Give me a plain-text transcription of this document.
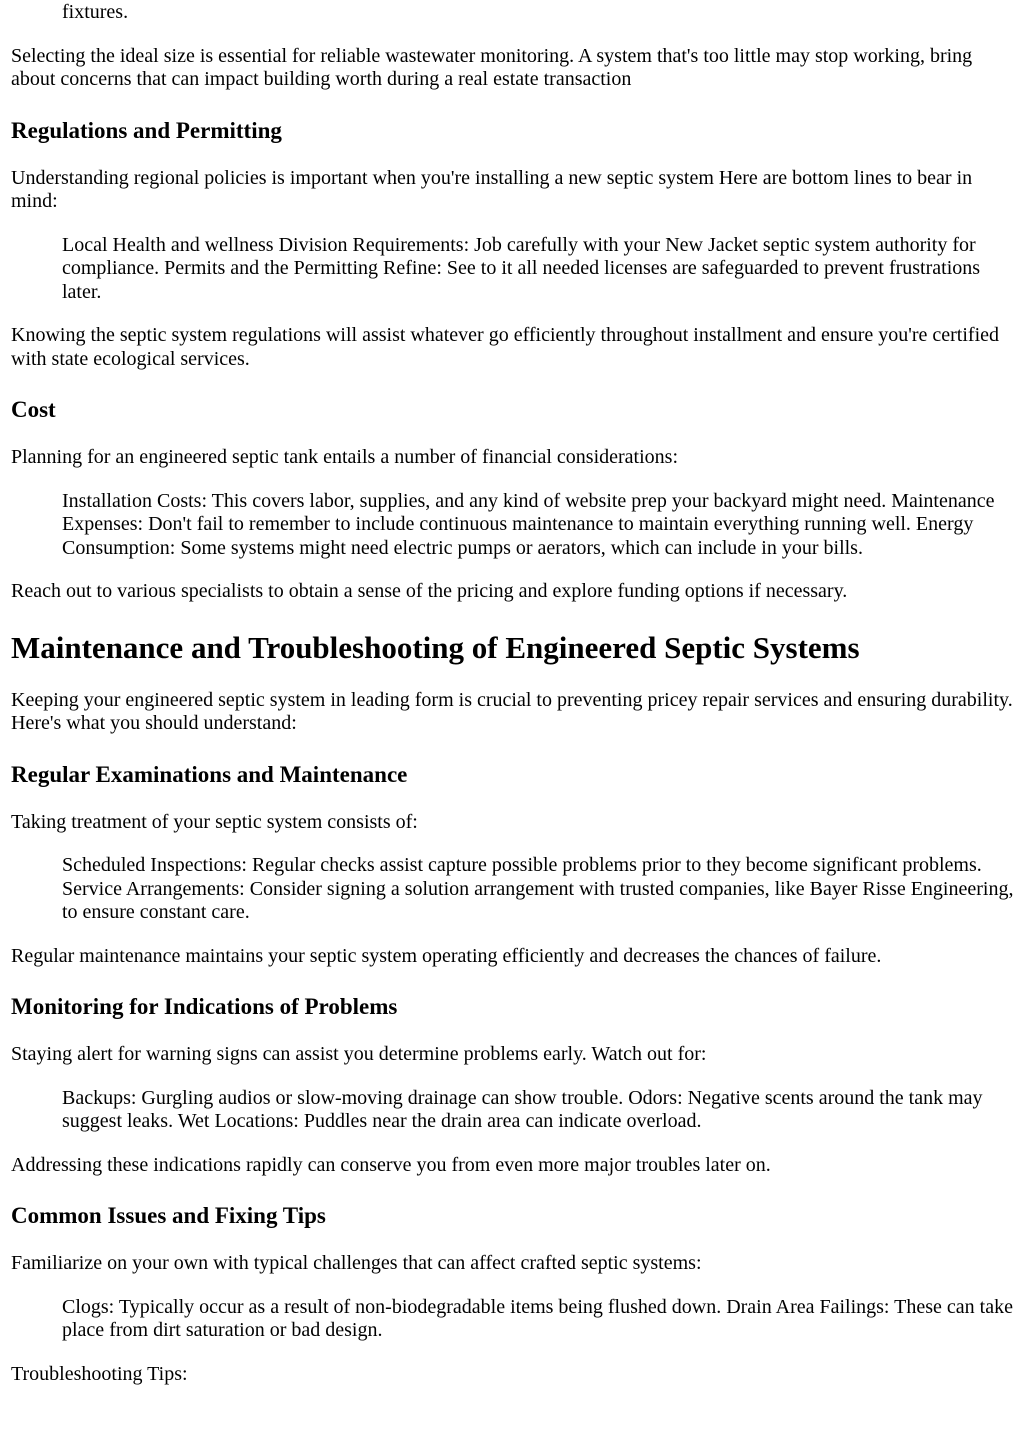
fixtures.

Selecting the ideal size is essential for reliable wastewater monitoring. A system that's too little may stop working, bring about concerns that can impact building worth during a real estate transaction

Regulations and Permitting

Understanding regional policies is important when you're installing a new septic system Here are bottom lines to bear in mind:

Local Health and wellness Division Requirements: Job carefully with your New Jacket septic system authority for compliance. Permits and the Permitting Refine: See to it all needed licenses are safeguarded to prevent frustrations later.

Knowing the septic system regulations will assist whatever go efficiently throughout installment and ensure you're certified with state ecological services.

Cost

Planning for an engineered septic tank entails a number of financial considerations:

Installation Costs: This covers labor, supplies, and any kind of website prep your backyard might need. Maintenance Expenses: Don't fail to remember to include continuous maintenance to maintain everything running well. Energy Consumption: Some systems might need electric pumps or aerators, which can include in your bills.

Reach out to various specialists to obtain a sense of the pricing and explore funding options if necessary.

Maintenance and Troubleshooting of Engineered Septic Systems

Keeping your engineered septic system in leading form is crucial to preventing pricey repair services and ensuring durability. Here's what you should understand:

Regular Examinations and Maintenance

Taking treatment of your septic system consists of:

Scheduled Inspections: Regular checks assist capture possible problems prior to they become significant problems. Service Arrangements: Consider signing a solution arrangement with trusted companies, like Bayer Risse Engineering, to ensure constant care.

Regular maintenance maintains your septic system operating efficiently and decreases the chances of failure.

Monitoring for Indications of Problems

Staying alert for warning signs can assist you determine problems early. Watch out for:

Backups: Gurgling audios or slow-moving drainage can show trouble. Odors: Negative scents around the tank may suggest leaks. Wet Locations: Puddles near the drain area can indicate overload.

Addressing these indications rapidly can conserve you from even more major troubles later on.

Common Issues and Fixing Tips

Familiarize on your own with typical challenges that can affect crafted septic systems:

Clogs: Typically occur as a result of non-biodegradable items being flushed down. Drain Area Failings: These can take place from dirt saturation or bad design.

Troubleshooting Tips:
